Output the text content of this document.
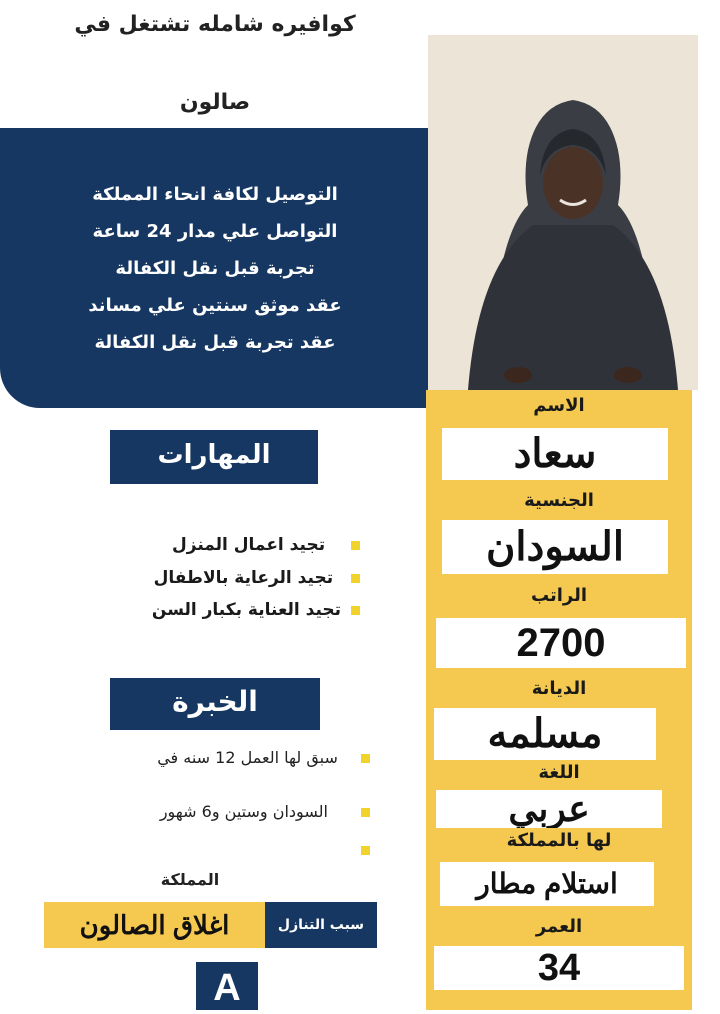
كوافيره شامله تشتغل في
صالون
التوصيل لكافة انحاء المملكة
التواصل علي مدار 24 ساعة
تجربة قبل نقل الكفالة
عقد موثق سنتين علي مساند
عقد تجربة قبل نقل الكفالة
الاسم
سعاد
الجنسية
السودان
الراتب
2700
الديانة
مسلمه
اللغة
عربي
لها بالمملكة
استلام مطار
العمر
34
المهارات
تجيد اعمال المنزل
تجيد الرعاية بالاطفال
تجيد العناية بكبار السن
الخبرة
سبق لها العمل 12 سنه في
السودان وستين و6 شهور
المملكة
سبب التنازل
اغلاق الصالون
A
